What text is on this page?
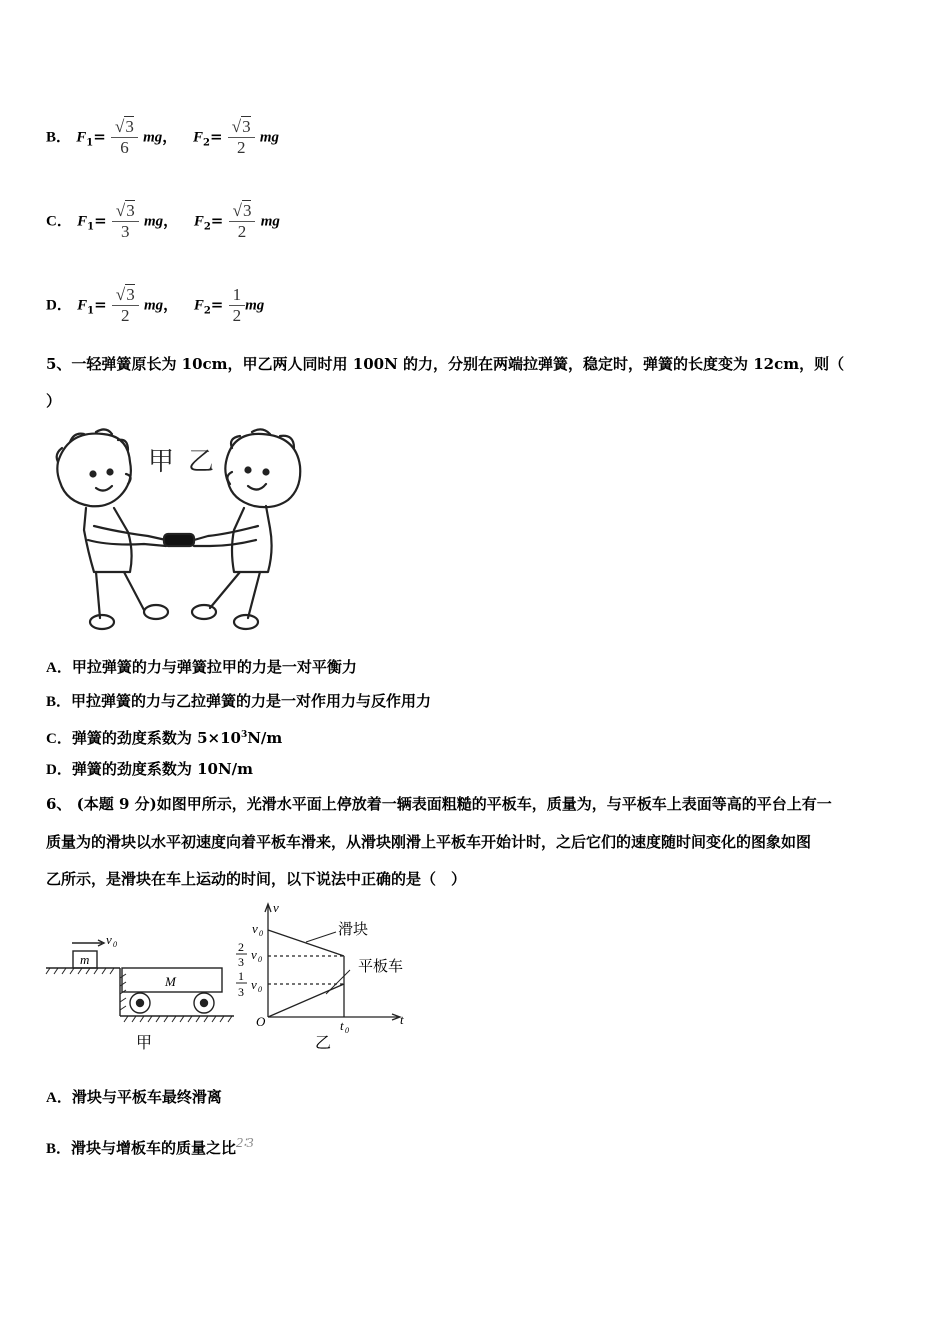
B． $F_1= \frac{√3}{6}$ mg， $F_2= \frac{√3}{2}$ mg
C． $F_1= \frac{√3}{3}$ mg， $F_2= \frac{√3}{2}$ mg
D． $F_1= \frac{√3}{2}$ mg， $F_2= \frac{1}{2}$ mg
5、一轻弹簧原长为 10cm，甲乙两人同时用 100N 的力，分别在两端拉弹簧，稳定时，弹簧的长度变为 12cm，则（
）
甲 乙
A．甲拉弹簧的力与弹簧拉甲的力是一对平衡力
B．甲拉弹簧的力与乙拉弹簧的力是一对作用力与反作用力
C．弹簧的劲度系数为 $5\times 10^3N/m$
D．弹簧的劲度系数为 10N/m
6、 (本题 9 分)如图甲所示，光滑水平面上停放着一辆表面粗糙的平板车，质量为，与平板车上表面等高的平台上有一
质量为的滑块以水平初速度向着平板车滑来，从滑块刚滑上平板车开始计时，之后它们的速度随时间变化的图象如图
乙所示，是滑块在车上运动的时间，以下说法中正确的是（　）
v 0
m
M
甲
v
t
O
v 0
2
3 v 0
1
3 v 0
t 0
滑块
平板车
乙
A．滑块与平板车最终滑离
B．滑块与增板车的质量之比2∶3
